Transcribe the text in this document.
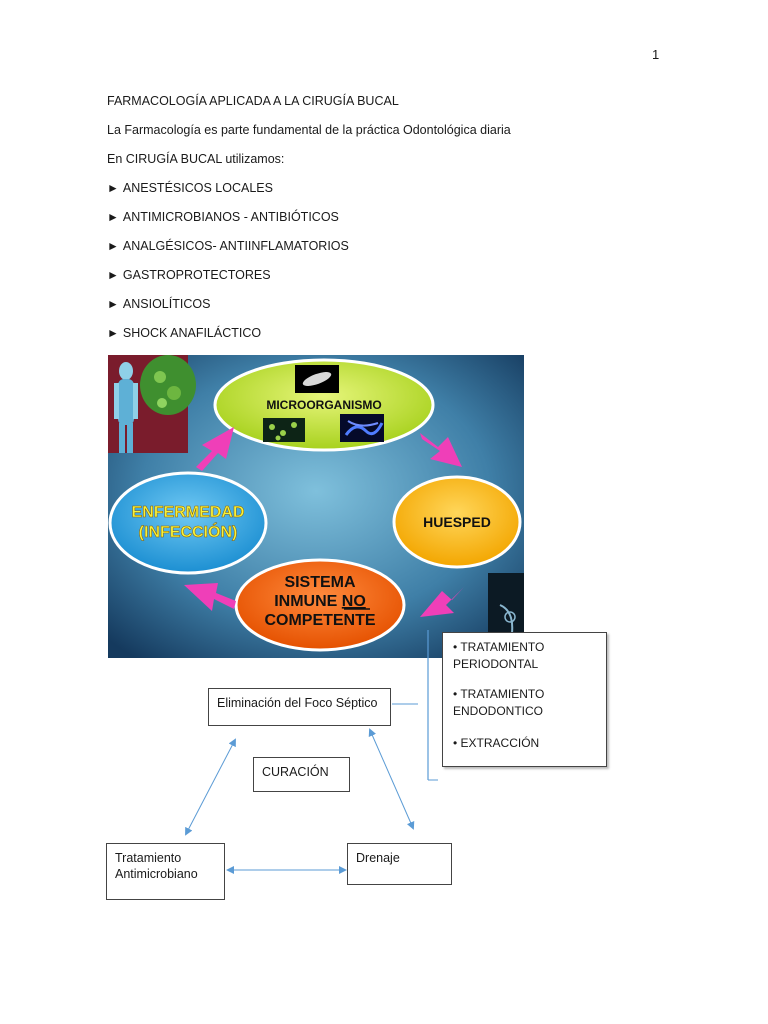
1
FARMACOLOGÍA APLICADA A LA CIRUGÍA BUCAL
La Farmacología es parte fundamental de la práctica Odontológica diaria
En CIRUGÍA BUCAL utilizamos:
► ANESTÉSICOS LOCALES
► ANTIMICROBIANOS - ANTIBIÓTICOS
► ANALGÉSICOS- ANTIINFLAMATORIOS
► GASTROPROTECTORES
► ANSIOLÍTICOS
► SHOCK ANAFILÁCTICO
MICROORGANISMO
HUESPED
ENFERMEDAD
(INFECCIÓN)
SISTEMA
INMUNE NO
COMPETENTE
• TRATAMIENTO PERIODONTAL
• TRATAMIENTO ENDODONTICO
• EXTRACCIÓN
Eliminación del Foco Séptico
CURACIÓN
Tratamiento Antimicrobiano
Drenaje
